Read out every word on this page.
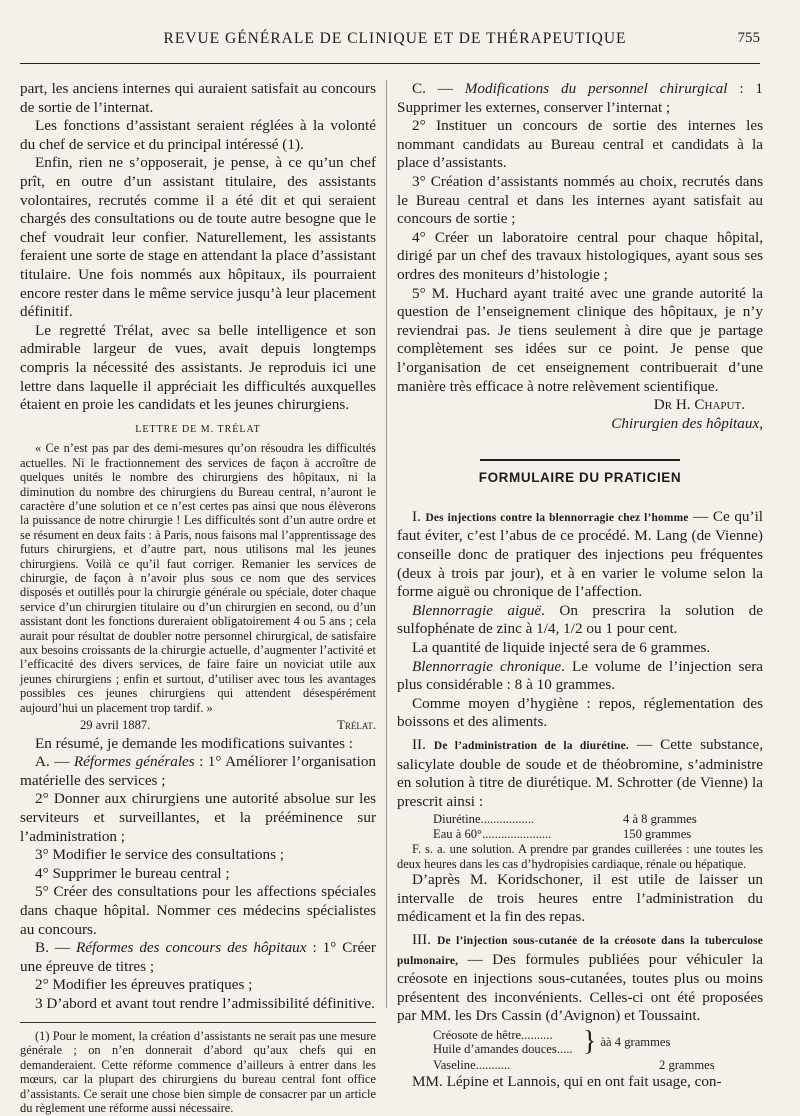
REVUE GÉNÉRALE DE CLINIQUE ET DE THÉRAPEUTIQUE	755

part, les anciens internes qui auraient satisfait au concours de sortie de l’internat.

Les fonctions d’assistant seraient réglées à la volonté du chef de service et du principal intéressé (1).

Enfin, rien ne s’opposerait, je pense, à ce qu’un chef prît, en outre d’un assistant titulaire, des assistants volontaires, recrutés comme il a été dit et qui seraient chargés des consultations ou de toute autre besogne que le chef voudrait leur confier. Naturellement, les assistants feraient une sorte de stage en attendant la place d’assistant titulaire. Une fois nommés aux hôpitaux, ils pourraient encore rester dans le même service jusqu’à leur placement définitif.

Le regretté Trélat, avec sa belle intelligence et son admirable largeur de vues, avait depuis longtemps compris la nécessité des assistants. Je reproduis ici une lettre dans laquelle il appréciait les difficultés auxquelles étaient en proie les candidats et les jeunes chirurgiens.

LETTRE DE M. TRÉLAT

« Ce n’est pas par des demi-mesures qu’on résoudra les difficultés actuelles. Ni le fractionnement des services de façon à accroître de quelques unités le nombre des chirurgiens des hôpitaux, ni la diminution du nombre des chirurgiens du Bureau central, n’auront le caractère d’une solution et ce n’est certes pas ainsi que nous élèverons la puissance de notre chirurgie ! Les difficultés sont d’un autre ordre et se résument en deux faits : à Paris, nous faisons mal l’apprentissage des futurs chirurgiens, et d’autre part, nous utilisons mal les jeunes chirurgiens. Voilà ce qu’il faut corriger. Remanier les services de chirurgie, de façon à n’avoir plus sous ce nom que des services disposés et outillés pour la chirurgie générale ou spéciale, doter chaque service d’un chirurgien titulaire ou d’un chirurgien en second, ou d’un assistant dont les fonctions dureraient obligatoirement 4 ou 5 ans ; cela aurait pour résultat de doubler notre personnel chirurgical, de satisfaire aux besoins croissants de la chirurgie actuelle, d’augmenter l’activité et l’efficacité des divers services, de faire faire un noviciat utile aux jeunes chirurgiens ; enfin et surtout, d’utiliser avec tous les avantages possibles ces jeunes chirurgiens qui attendent désespérément aujourd’hui un placement trop tardif. »

29 avril 1887.	Trélat.

En résumé, je demande les modifications suivantes :

A. — Réformes générales : 1° Améliorer l’organisation matérielle des services ;

2° Donner aux chirurgiens une autorité absolue sur les serviteurs et surveillantes, et la prééminence sur l’administration ;

3° Modifier le service des consultations ;

4° Supprimer le bureau central ;

5° Créer des consultations pour les affections spéciales dans chaque hôpital. Nommer ces médecins spécialistes au concours.

B. — Réformes des concours des hôpitaux : 1° Créer une épreuve de titres ;

2° Modifier les épreuves pratiques ;

3 D’abord et avant tout rendre l’admissibilité définitive.

(1) Pour le moment, la création d’assistants ne serait pas une mesure générale ; on n’en donnerait d’abord qu’aux chefs qui en demanderaient. Cette réforme commence d’ailleurs à entrer dans les mœurs, car la plupart des chirurgiens du bureau central font office d’assistants. Ce serait une chose bien simple de consacrer par un article du règlement une réforme aussi nécessaire.

C. — Modifications du personnel chirurgical : 1 Supprimer les externes, conserver l’internat ;

2° Instituer un concours de sortie des internes les nommant candidats au Bureau central et candidats à la place d’assistants.

3° Création d’assistants nommés au choix, recrutés dans le Bureau central et dans les internes ayant satisfait au concours de sortie ;

4° Créer un laboratoire central pour chaque hôpital, dirigé par un chef des travaux histologiques, ayant sous ses ordres des moniteurs d’histologie ;

5° M. Huchard ayant traité avec une grande autorité la question de l’enseignement clinique des hôpitaux, je n’y reviendrai pas. Je tiens seulement à dire que je partage complètement ses idées sur ce point. Je pense que l’organisation de cet enseignement contribuerait d’une manière très efficace à notre relèvement scientifique.

Dr H. Chaput.

Chirurgien des hôpitaux,

FORMULAIRE DU PRATICIEN

I. Des injections contre la blennorragie chez l’homme — Ce qu’il faut éviter, c’est l’abus de ce procédé. M. Lang (de Vienne) conseille donc de pratiquer des injections peu fréquentes (deux à trois par jour), et à en varier le volume selon la forme aiguë ou chronique de l’affection.

Blennorragie aiguë. On prescrira la solution de sulfophénate de zinc à 1/4, 1/2 ou 1 pour cent.

La quantité de liquide injecté sera de 6 grammes.

Blennorragie chronique. Le volume de l’injection sera plus considérable : 8 à 10 grammes.

Comme moyen d’hygiène : repos, réglementation des boissons et des aliments.

II. De l’administration de la diurétine. — Cette substance, salicylate double de soude et de théobromine, s’administre en solution à titre de diurétique. M. Schrotter (de Vienne) la prescrit ainsi :

Diurétine.................	4 à 8 grammes
Eau à 60°......................	150 grammes

F. s. a. une solution. A prendre par grandes cuillerées : une toutes les deux heures dans les cas d’hydropisies cardiaque, rénale ou hépatique.

D’après M. Koridschoner, il est utile de laisser un intervalle de trois heures entre l’administration du médicament et la fin des repas.

III. De l’injection sous-cutanée de la créosote dans la tuberculose pulmonaire, — Des formules publiées pour véhiculer la créosote en injections sous-cutanées, toutes plus ou moins présentent des inconvénients. Celles-ci ont été proposées par MM. les Drs Cassin (d’Avignon) et Toussaint.

Créosote de hêtre..........
Huile d’amandes douces..... } àà 4 grammes
Vaseline...........	2 grammes

MM. Lépine et Lannois, qui en ont fait usage, con-
